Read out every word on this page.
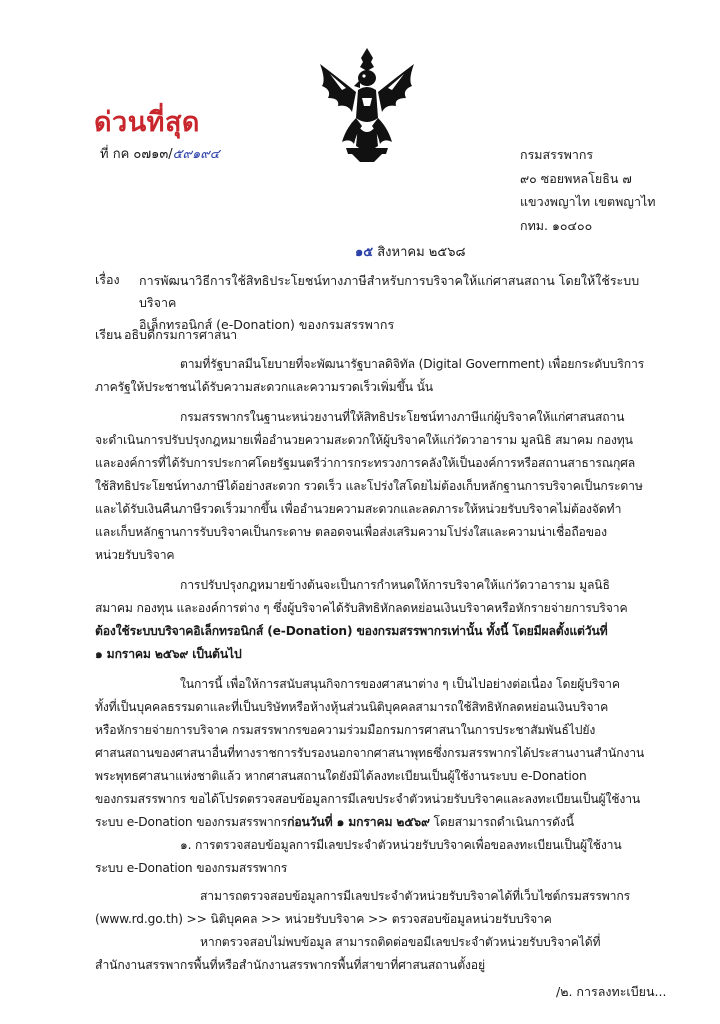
ด่วนที่สุด
ที่ กค ๐๗๑๓/๕๙๑๙๔	กรมสรรพากร
๙๐ ซอยพหลโยธิน ๗
แขวงพญาไท เขตพญาไท
กทม. ๑๐๔๐๐
๑๕ สิงหาคม ๒๕๖๘
เรื่อง การพัฒนาวิธีการใช้สิทธิประโยชน์ทางภาษีสำหรับการบริจาคให้แก่ศาสนสถาน โดยให้ใช้ระบบบริจาค
อิเล็กทรอนิกส์ (e-Donation) ของกรมสรรพากร
เรียน อธิบดีกรมการศาสนา
ตามที่รัฐบาลมีนโยบายที่จะพัฒนารัฐบาลดิจิทัล (Digital Government) เพื่อยกระดับบริการ
ภาครัฐให้ประชาชนได้รับความสะดวกและความรวดเร็วเพิ่มขึ้น นั้น
กรมสรรพากรในฐานะหน่วยงานที่ให้สิทธิประโยชน์ทางภาษีแก่ผู้บริจาคให้แก่ศาสนสถาน
จะดำเนินการปรับปรุงกฎหมายเพื่ออำนวยความสะดวกให้ผู้บริจาคให้แก่วัดวาอาราม มูลนิธิ สมาคม กองทุน
และองค์การที่ได้รับการประกาศโดยรัฐมนตรีว่าการกระทรวงการคลังให้เป็นองค์การหรือสถานสาธารณกุศล
ใช้สิทธิประโยชน์ทางภาษีได้อย่างสะดวก รวดเร็ว และโปร่งใสโดยไม่ต้องเก็บหลักฐานการบริจาคเป็นกระดาษ
และได้รับเงินคืนภาษีรวดเร็วมากขึ้น เพื่ออำนวยความสะดวกและลดภาระให้หน่วยรับบริจาคไม่ต้องจัดทำ
และเก็บหลักฐานการรับบริจาคเป็นกระดาษ ตลอดจนเพื่อส่งเสริมความโปร่งใสและความน่าเชื่อถือของ
หน่วยรับบริจาค
การปรับปรุงกฎหมายข้างต้นจะเป็นการกำหนดให้การบริจาคให้แก่วัดวาอาราม มูลนิธิ
สมาคม กองทุน และองค์การต่าง ๆ ซึ่งผู้บริจาคได้รับสิทธิหักลดหย่อนเงินบริจาคหรือหักรายจ่ายการบริจาค
ต้องใช้ระบบบริจาคอิเล็กทรอนิกส์ (e-Donation) ของกรมสรรพากรเท่านั้น ทั้งนี้ โดยมีผลตั้งแต่วันที่
๑ มกราคม ๒๕๖๙ เป็นต้นไป
ในการนี้ เพื่อให้การสนับสนุนกิจการของศาสนาต่าง ๆ เป็นไปอย่างต่อเนื่อง โดยผู้บริจาค
ทั้งที่เป็นบุคคลธรรมดาและที่เป็นบริษัทหรือห้างหุ้นส่วนนิติบุคคลสามารถใช้สิทธิหักลดหย่อนเงินบริจาค
หรือหักรายจ่ายการบริจาค กรมสรรพากรขอความร่วมมือกรมการศาสนาในการประชาสัมพันธ์ไปยัง
ศาสนสถานของศาสนาอื่นที่ทางราชการรับรองนอกจากศาสนาพุทธซึ่งกรมสรรพากรได้ประสานงานสำนักงาน
พระพุทธศาสนาแห่งชาติแล้ว หากศาสนสถานใดยังมิได้ลงทะเบียนเป็นผู้ใช้งานระบบ e-Donation
ของกรมสรรพากร ขอได้โปรดตรวจสอบข้อมูลการมีเลขประจำตัวหน่วยรับบริจาคและลงทะเบียนเป็นผู้ใช้งาน
ระบบ e-Donation ของกรมสรรพากรก่อนวันที่ ๑ มกราคม ๒๕๖๙ โดยสามารถดำเนินการดังนี้
๑. การตรวจสอบข้อมูลการมีเลขประจำตัวหน่วยรับบริจาคเพื่อขอลงทะเบียนเป็นผู้ใช้งาน
ระบบ e-Donation ของกรมสรรพากร
สามารถตรวจสอบข้อมูลการมีเลขประจำตัวหน่วยรับบริจาคได้ที่เว็บไซต์กรมสรรพากร
(www.rd.go.th) >> นิติบุคคล >> หน่วยรับบริจาค >> ตรวจสอบข้อมูลหน่วยรับบริจาค
หากตรวจสอบไม่พบข้อมูล สามารถติดต่อขอมีเลขประจำตัวหน่วยรับบริจาคได้ที่
สำนักงานสรรพากรพื้นที่หรือสำนักงานสรรพากรพื้นที่สาขาที่ศาสนสถานตั้งอยู่
/๒. การลงทะเบียน...
